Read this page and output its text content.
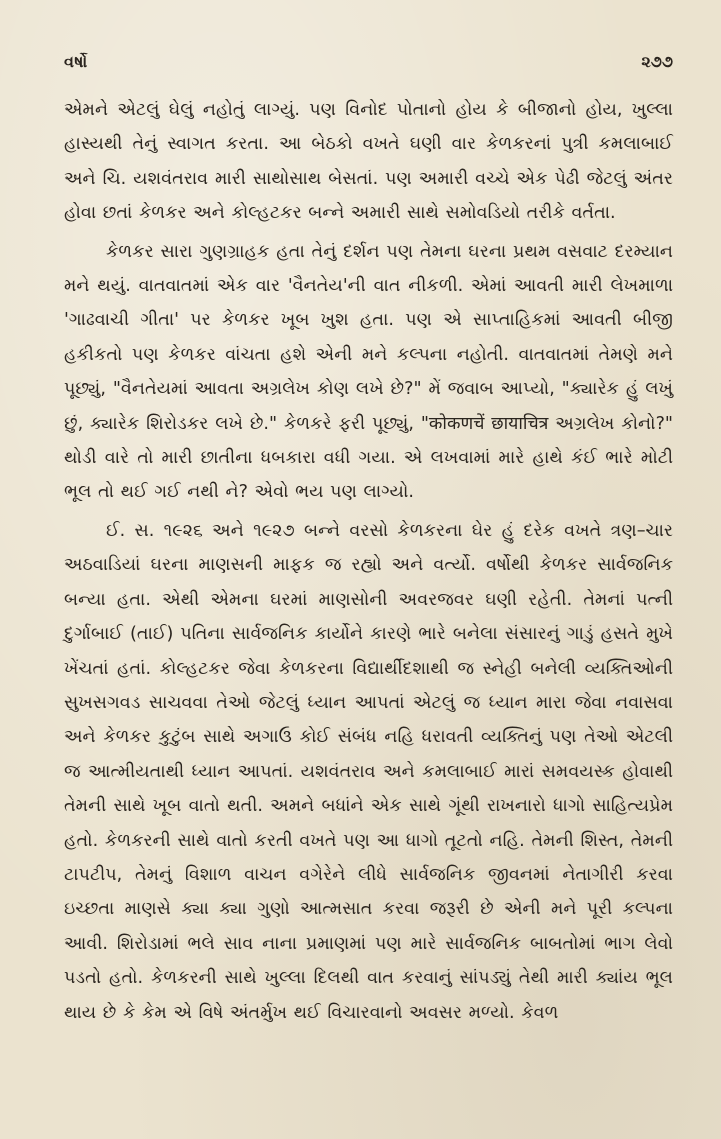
વર્ષો	૨૭૭

એમને એટલું ઘેલું નહોતું લાગ્યું. પણ વિનોદ પોતાનો હોય કે બીજાનો હોય, ખુલ્લા હાસ્યથી તેનું સ્વાગત કરતા. આ બેઠકો વખતે ઘણી વાર કેળકરનાં પુત્રી કમલાબાઈ અને ચિ. યશવંતરાવ મારી સાથોસાથ બેસતાં. પણ અમારી વચ્ચે એક પેઢી જેટલું અંતર હોવા છતાં કેળકર અને કોલ્હટકર બન્ને અમારી સાથે સમોવડિયો તરીકે વર્તતા.

કેળકર સારા ગુણગ્રાહક હતા તેનું દર્શન પણ તેમના ઘરના પ્રથમ વસવાટ દરમ્યાન મને થયું. વાતવાતમાં એક વાર 'વૈનતેય'ની વાત નીકળી. એમાં આવતી મારી લેખમાળા 'ગાઢવાચી ગીતા' પર કેળકર ખૂબ ખુશ હતા. પણ એ સાપ્તાહિકમાં આવતી બીજી હકીકતો પણ કેળકર વાંચતા હશે એની મને કલ્પના નહોતી. વાતવાતમાં તેમણે મને પૂછ્યું, "વૈનતેયમાં આવતા અગ્રલેખ કોણ લખે છે?" મેં જવાબ આપ્યો, "ક્યારેક હું લખું છું, ક્યારેક શિરોડકર લખે છે." કેળકરે ફરી પૂછ્યું, "कोकणचें छायाचित्र અગ્રલેખ કોનો?" થોડી વારે તો મારી છાતીના ધબકારા વધી ગયા. એ લખવામાં મારે હાથે કંઈ ભારે મોટી ભૂલ તો થઈ ગઈ નથી ને? એવો ભય પણ લાગ્યો.

ઈ. સ. ૧૯૨૬ અને ૧૯૨૭ બન્ને વરસો કેળકરના ઘેર હું દરેક વખતે ત્રણ–ચાર અઠવાડિયાં ઘરના માણસની માફક જ રહ્યો અને વર્ત્યો. વર્ષોથી કેળકર સાર્વજનિક બન્યા હતા. એથી એમના ઘરમાં માણસોની અવરજવર ઘણી રહેતી. તેમનાં પત્ની દુર્ગાબાઈ (તાઈ) પતિના સાર્વજનિક કાર્યોને કારણે ભારે બનેલા સંસારનું ગાડું હસતે મુખે ખેંચતાં હતાં. કોલ્હટકર જેવા કેળકરના વિદ્યાર્થીદશાથી જ સ્નેહી બનેલી વ્યક્તિઓની સુખસગવડ સાચવવા તેઓ જેટલું ધ્યાન આપતાં એટલું જ ધ્યાન મારા જેવા નવાસવા અને કેળકર કુટુંબ સાથે અગાઉ કોઈ સંબંધ નહિ ધરાવતી વ્યક્તિનું પણ તેઓ એટલી જ આત્મીયતાથી ધ્યાન આપતાં. યશવંતરાવ અને કમલાબાઈ મારાં સમવયસ્ક હોવાથી તેમની સાથે ખૂબ વાતો થતી. અમને બધાંને એક સાથે ગૂંથી રાખનારો ધાગો સાહિત્યપ્રેમ હતો. કેળકરની સાથે વાતો કરતી વખતે પણ આ ધાગો તૂટતો નહિ. તેમની શિસ્ત, તેમની ટાપટીપ, તેમનું વિશાળ વાચન વગેરેને લીધે સાર્વજનિક જીવનમાં નેતાગીરી કરવા ઇચ્છતા માણસે ક્યા ક્યા ગુણો આત્મસાત કરવા જરૂરી છે એની મને પૂરી કલ્પના આવી. શિરોડામાં ભલે સાવ નાના પ્રમાણમાં પણ મારે સાર્વજનિક બાબતોમાં ભાગ લેવો પડતો હતો. કેળકરની સાથે ખુલ્લા દિલથી વાત કરવાનું સાંપડ્યું તેથી મારી ક્યાંય ભૂલ થાય છે કે કેમ એ વિષે અંતર્મુખ થઈ વિચારવાનો અવસર મળ્યો. કેવળ
